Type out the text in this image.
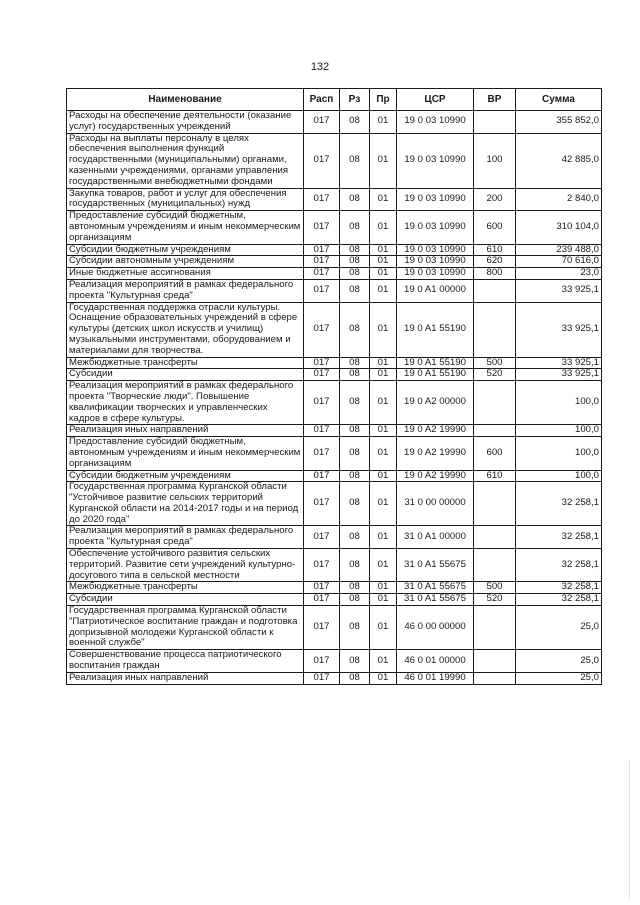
132
Наименование	Расп	Рз	Пр	ЦСР	ВР	Сумма
Расходы на обеспечение деятельности (оказание услуг) государственных учреждений	017	08	01	19 0 03 10990		355 852,0
Расходы на выплаты персоналу в целях обеспечения выполнения функций государственными (муниципальными) органами, казенными учреждениями, органами управления государственными внебюджетными фондами	017	08	01	19 0 03 10990	100	42 885,0
Закупка товаров, работ и услуг для обеспечения государственных (муниципальных) нужд	017	08	01	19 0 03 10990	200	2 840,0
Предоставление субсидий бюджетным, автономным учреждениям и иным некоммерческим организациям	017	08	01	19 0 03 10990	600	310 104,0
Субсидии бюджетным учреждениям	017	08	01	19 0 03 10990	610	239 488,0
Субсидии автономным учреждениям	017	08	01	19 0 03 10990	620	70 616,0
Иные бюджетные ассигнования	017	08	01	19 0 03 10990	800	23,0
Реализация мероприятий в рамках федерального проекта "Культурная среда"	017	08	01	19 0 A1 00000		33 925,1
Государственная поддержка отрасли культуры. Оснащение образовательных учреждений в сфере культуры (детских школ искусств и училищ) музыкальными инструментами, оборудованием и материалами для творчества.	017	08	01	19 0 A1 55190		33 925,1
Межбюджетные трансферты	017	08	01	19 0 A1 55190	500	33 925,1
Субсидии	017	08	01	19 0 A1 55190	520	33 925,1
Реализация мероприятий в рамках федерального проекта "Творческие люди". Повышение квалификации творческих и управленческих кадров в сфере культуры.	017	08	01	19 0 A2 00000		100,0
Реализация иных направлений	017	08	01	19 0 A2 19990		100,0
Предоставление субсидий бюджетным, автономным учреждениям и иным некоммерческим организациям	017	08	01	19 0 A2 19990	600	100,0
Субсидии бюджетным учреждениям	017	08	01	19 0 A2 19990	610	100,0
Государственная программа Курганской области "Устойчивое развитие сельских территорий Курганской области на 2014-2017 годы и на период до 2020 года"	017	08	01	31 0 00 00000		32 258,1
Реализация мероприятий в рамках федерального проекта "Культурная среда"	017	08	01	31 0 A1 00000		32 258,1
Обеспечение устойчивого развития сельских территорий. Развитие сети учреждений культурно-досугового типа в сельской местности	017	08	01	31 0 A1 55675		32 258,1
Межбюджетные трансферты	017	08	01	31 0 A1 55675	500	32 258,1
Субсидии	017	08	01	31 0 A1 55675	520	32 258,1
Государственная программа Курганской области "Патриотическое воспитание граждан и подготовка допризывной молодежи Курганской области к военной службе"	017	08	01	46 0 00 00000		25,0
Совершенствование процесса патриотического воспитания граждан	017	08	01	46 0 01 00000		25,0
Реализация иных направлений	017	08	01	46 0 01 19990		25,0
